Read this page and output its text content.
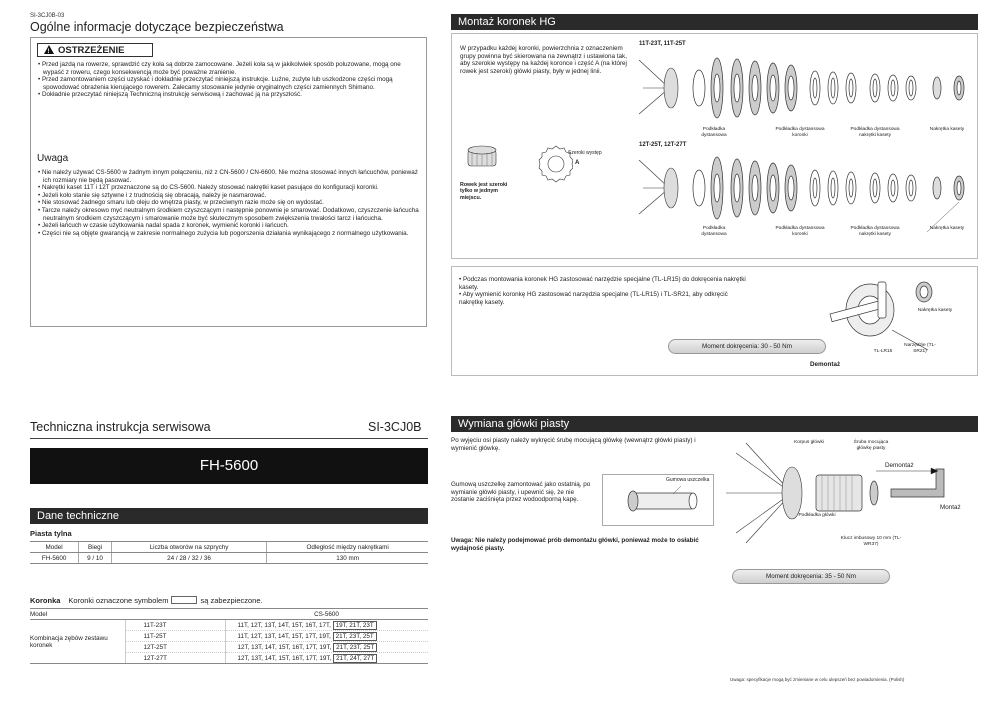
SI-3CJ0B-03
Ogólne informacje dotyczące bezpieczeństwa
!OSTRZEŻENIE
• Przed jazdą na rowerze, sprawdzić czy koła są dobrze zamocowane. Jeżeli koła są w jakikolwiek sposób poluzowane, mogą one wypaść z roweru, czego konsekwencją może być poważne zranienie.
• Przed zamontowaniem części uzyskać i dokładnie przeczytać niniejszą instrukcje. Luźne, zużyte lub uszkodzone części mogą spowodować obrażenia kierującego rowerem. Zalecamy stosowanie jedynie oryginalnych części zamiennych Shimano.
• Dokładnie przeczytać niniejszą Techniczną instrukcję serwisową i zachować ją na przyszłość.
Uwaga
• Nie należy używać CS-5600 w żadnym innym połączeniu, niż z CN-5600 / CN-6600. Nie można stosować innych łańcuchów, ponieważ ich rozmiary nie będą pasować.
• Nakrętki kaset 11T i 12T przeznaczone są do CS-5600. Należy stosować nakrętki kaset pasujące do konfiguracji koronki.
• Jeżeli koło stanie się sztywne i z trudnością się obracają, należy je nasmarować.
• Nie stosować żadnego smaru lub oleju do wnętrza piasty, w przeciwnym razie może się on wydostać.
• Tarcze należy okresowo myć neutralnym środkiem czyszczącym i następnie ponownie je smarować. Dodatkowo, czyszczenie łańcucha neutralnym środkiem czyszczącym i smarowanie może być skutecznym sposobem zwiększenia trwałości tarcz i łańcucha.
• Jeżeli łańcuch w czasie użytkowania nadal spada z koronek, wymienić koronki i łańcuch.
• Części nie są objęte gwarancją w zakresie normalnego zużycia lub pogorszenia działania wynikającego z normalnego użytkowania.
Montaż koronek HG
W przypadku każdej koronki, powierzchnia z oznaczeniem grupy powinna być skierowana na zewnątrz i ustawiona tak, aby szerokie występy na każdej koronce i część A (na której rowek jest szeroki) główki piasty, były w jednej linii.
A
Szeroki występ
Rowek jest szeroki tylko w jednym miejscu.
11T-23T, 11T-25T
12T-25T, 12T-27T
Podkładka dystansowa
Podkładka dystansowa koronki
Podkładka dystansowa nakrętki kasety
Nakrętka kasety
Podkładka dystansowa
Podkładka dystansowa koronki
Podkładka dystansowa nakrętki kasety
Nakrętka kasety
• Podczas montowania koronek HG zastosować narzędzie specjalne (TL-LR15) do dokręcenia nakrętki kasety.
• Aby wymienić koronkę HG zastosować narzędzia specjalne (TL-LR15) i TL-SR21, aby odkręcić nakrętkę kasety.
Nakrętka kasety
TL-LR15
Narzędzie (TL-SR21)
Moment dokręcenia: 30 - 50 Nm
Demontaż
Techniczna instrukcja serwisowa	SI-3CJ0B
FH-5600
Dane techniczne
Piasta tylna
Model	Biegi	Liczba otworów na szprychy	Odległość między nakrętkami
FH-5600	9 / 10	24 / 28 / 32 / 36	130 mm
Koronka Koronki oznaczone symbolem	są zabezpieczone.
Model		CS-5600
Kombinacja zębów zestawu koronek	11T-23T	11T, 12T, 13T, 14T, 15T, 16T, 17T, 19T, 21T, 23T
	11T-25T	11T, 12T, 13T, 14T, 15T, 17T, 19T, 21T, 23T, 25T
	12T-25T	12T, 13T, 14T, 15T, 16T, 17T, 19T, 21T, 23T, 25T
	12T-27T	12T, 13T, 14T, 15T, 16T, 17T, 19T, 21T, 24T, 27T
Wymiana główki piasty
Po wyjęciu osi piasty należy wykręcić śrubę mocującą główkę (wewnątrz główki piasty) i wymienić główkę.
Gumową uszczelkę zamontować jako ostatnią, po wymianie główki piasty, i upewnić się, że nie zostanie zaciśnięta przez wodoodporną kapę.
Gumowa uszczelka
Uwaga: Nie należy podejmować prób demontażu główki, ponieważ może to osłabić wydajność piasty.
Korpus główki	Śruba mocująca główkę piasty
Demontaż
Montaż
Podkładka główki
Klucz imbusowy 10 mm (TL-WR37)
Moment dokręcenia: 35 - 50 Nm
Uwaga: specyfikacje mogą być zmieniane w celu ulepszeń bez powiadomienia. (Polish)
